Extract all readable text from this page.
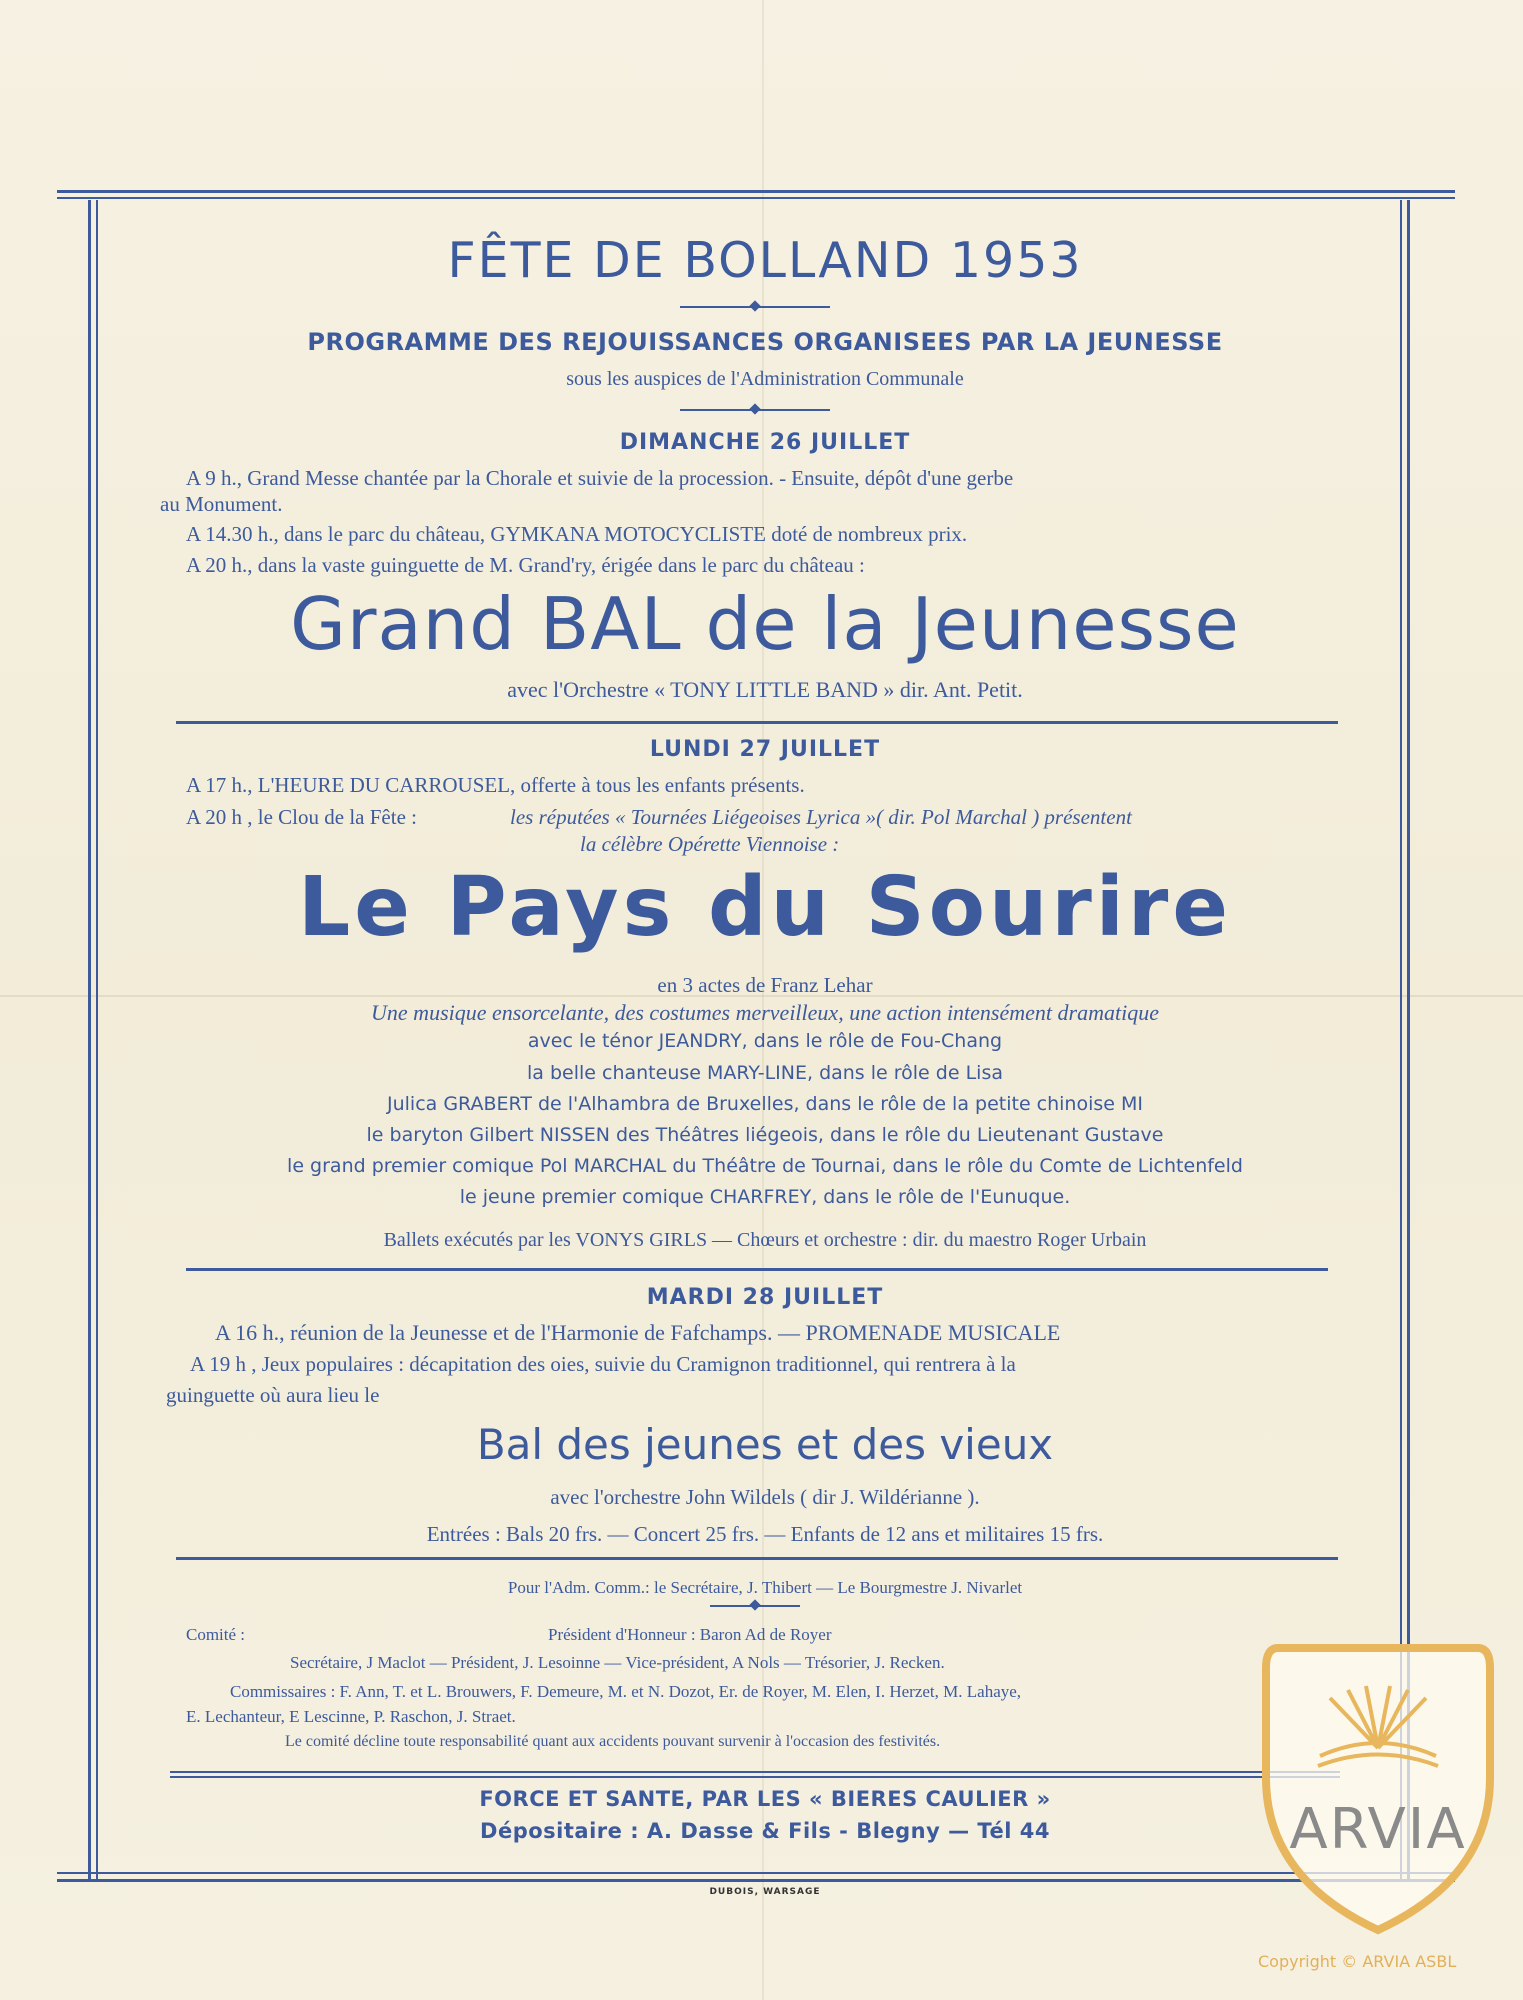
FÊTE DE BOLLAND 1953
PROGRAMME DES REJOUISSANCES ORGANISEES PAR LA JEUNESSE
sous les auspices de l'Administration Communale
DIMANCHE 26 JUILLET
A 9 h., Grand Messe chantée par la Chorale et suivie de la procession. - Ensuite, dépôt d'une gerbe
au Monument.
A 14.30 h., dans le parc du château, GYMKANA MOTOCYCLISTE doté de nombreux prix.
A 20 h., dans la vaste guinguette de M. Grand'ry, érigée dans le parc du château :
Grand BAL de la Jeunesse
avec l'Orchestre « TONY LITTLE BAND » dir. Ant. Petit.
LUNDI 27 JUILLET
A 17 h., L'HEURE DU CARROUSEL, offerte à tous les enfants présents.
A 20 h , le Clou de la Fête :	les réputées « Tournées Liégeoises Lyrica »( dir. Pol Marchal ) présentent
la célèbre Opérette Viennoise :
Le Pays du Sourire
en 3 actes de Franz Lehar
Une musique ensorcelante, des costumes merveilleux, une action intensément dramatique
avec le ténor JEANDRY, dans le rôle de Fou-Chang
la belle chanteuse MARY-LINE, dans le rôle de Lisa
Julica GRABERT de l'Alhambra de Bruxelles, dans le rôle de la petite chinoise MI
le baryton Gilbert NISSEN des Théâtres liégeois, dans le rôle du Lieutenant Gustave
le grand premier comique Pol MARCHAL du Théâtre de Tournai, dans le rôle du Comte de Lichtenfeld
le jeune premier comique CHARFREY, dans le rôle de l'Eunuque.
Ballets exécutés par les VONYS GIRLS — Chœurs et orchestre : dir. du maestro Roger Urbain
MARDI 28 JUILLET
A 16 h., réunion de la Jeunesse et de l'Harmonie de Fafchamps. — PROMENADE MUSICALE
A 19 h , Jeux populaires : décapitation des oies, suivie du Cramignon traditionnel, qui rentrera à la
guinguette où aura lieu le
Bal des jeunes et des vieux
avec l'orchestre John Wildels ( dir J. Wildérianne ).
Entrées : Bals 20 frs. — Concert 25 frs. — Enfants de 12 ans et militaires 15 frs.
Pour l'Adm. Comm.: le Secrétaire, J. Thibert — Le Bourgmestre J. Nivarlet
Comité :	Président d'Honneur : Baron Ad de Royer
Secrétaire, J Maclot — Président, J. Lesoinne — Vice-président, A Nols — Trésorier, J. Recken.
Commissaires : F. Ann, T. et L. Brouwers, F. Demeure, M. et N. Dozot, Er. de Royer, M. Elen, I. Herzet, M. Lahaye,
E. Lechanteur, E Lescinne, P. Raschon, J. Straet.
Le comité décline toute responsabilité quant aux accidents pouvant survenir à l'occasion des festivités.
FORCE ET SANTE, PAR LES « BIERES CAULIER »
Dépositaire : A. Dasse & Fils - Blegny — Tél 44
DUBOIS, WARSAGE
ARVIA
Copyright © ARVIA ASBL
